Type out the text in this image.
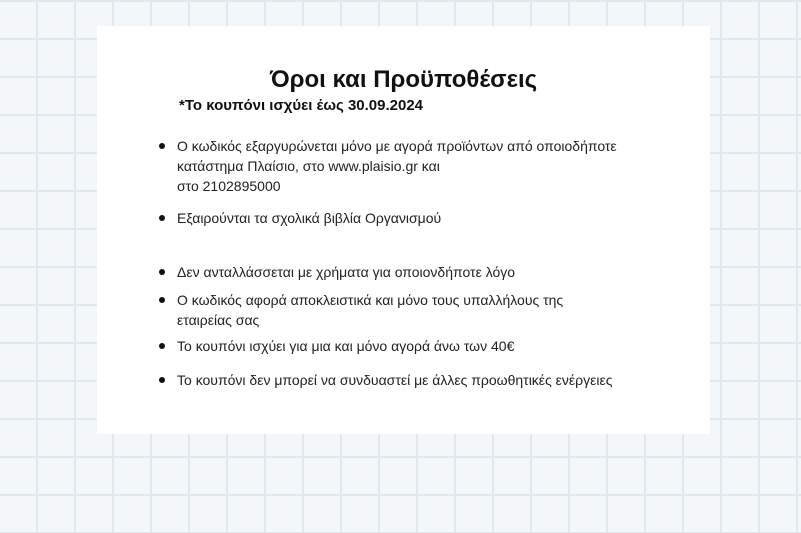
Όροι και Προϋποθέσεις

*Το κουπόνι ισχύει έως 30.09.2024

Ο κωδικός εξαργυρώνεται μόνο με αγορά προϊόντων από οποιοδήποτε
κατάστημα Πλαίσιο, στο www.plaisio.gr και
στο 2102895000
Εξαιρούνται τα σχολικά βιβλία Οργανισμού
Δεν ανταλλάσσεται με χρήματα για οποιονδήποτε λόγο
Ο κωδικός αφορά αποκλειστικά και μόνο τους υπαλλήλους της
εταιρείας σας
Το κουπόνι ισχύει για μια και μόνο αγορά άνω των 40€
Το κουπόνι δεν μπορεί να συνδυαστεί με άλλες προωθητικές ενέργειες
